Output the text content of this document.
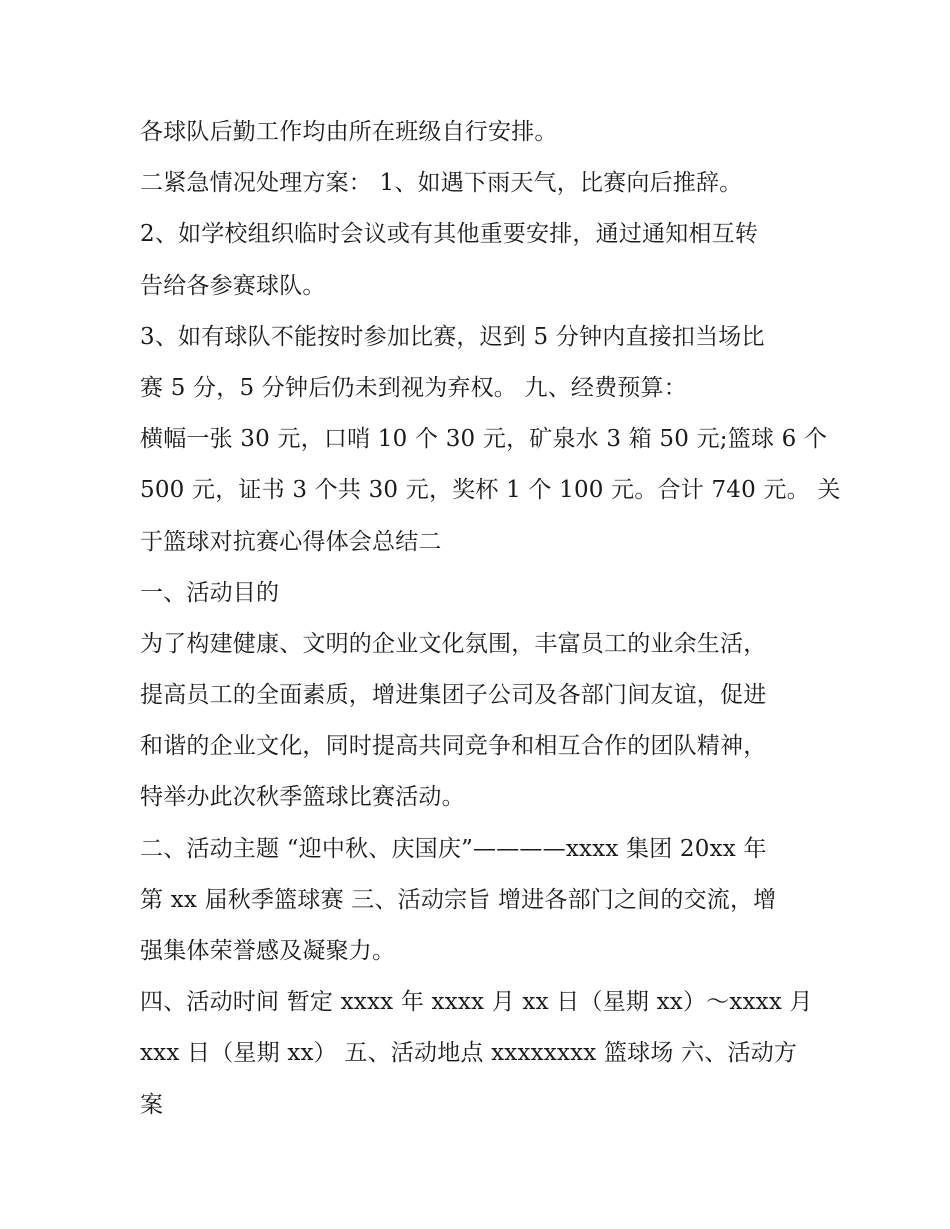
各球队后勤工作均由所在班级自行安排。
二紧急情况处理方案： 1、如遇下雨天气，比赛向后推辞。
2、如学校组织临时会议或有其他重要安排，通过通知相互转
告给各参赛球队。
3、如有球队不能按时参加比赛，迟到 5 分钟内直接扣当场比
赛 5 分，5 分钟后仍未到视为弃权。 九、经费预算：
横幅一张 30 元，口哨 10 个 30 元，矿泉水 3 箱 50 元;篮球 6 个
500 元，证书 3 个共 30 元，奖杯 1 个 100 元。合计 740 元。 关
于篮球对抗赛心得体会总结二
一、活动目的
为了构建健康、文明的企业文化氛围，丰富员工的业余生活，
提高员工的全面素质，增进集团子公司及各部门间友谊，促进
和谐的企业文化，同时提高共同竞争和相互合作的团队精神，
特举办此次秋季篮球比赛活动。
二、活动主题 “迎中秋、庆国庆”————xxxx 集团 20xx 年
第 xx 届秋季篮球赛 三、活动宗旨 增进各部门之间的交流，增
强集体荣誉感及凝聚力。
四、活动时间 暂定 xxxx 年 xxxx 月 xx 日（星期 xx）～xxxx 月
xxx 日（星期 xx） 五、活动地点 xxxxxxxx 篮球场 六、活动方
案
